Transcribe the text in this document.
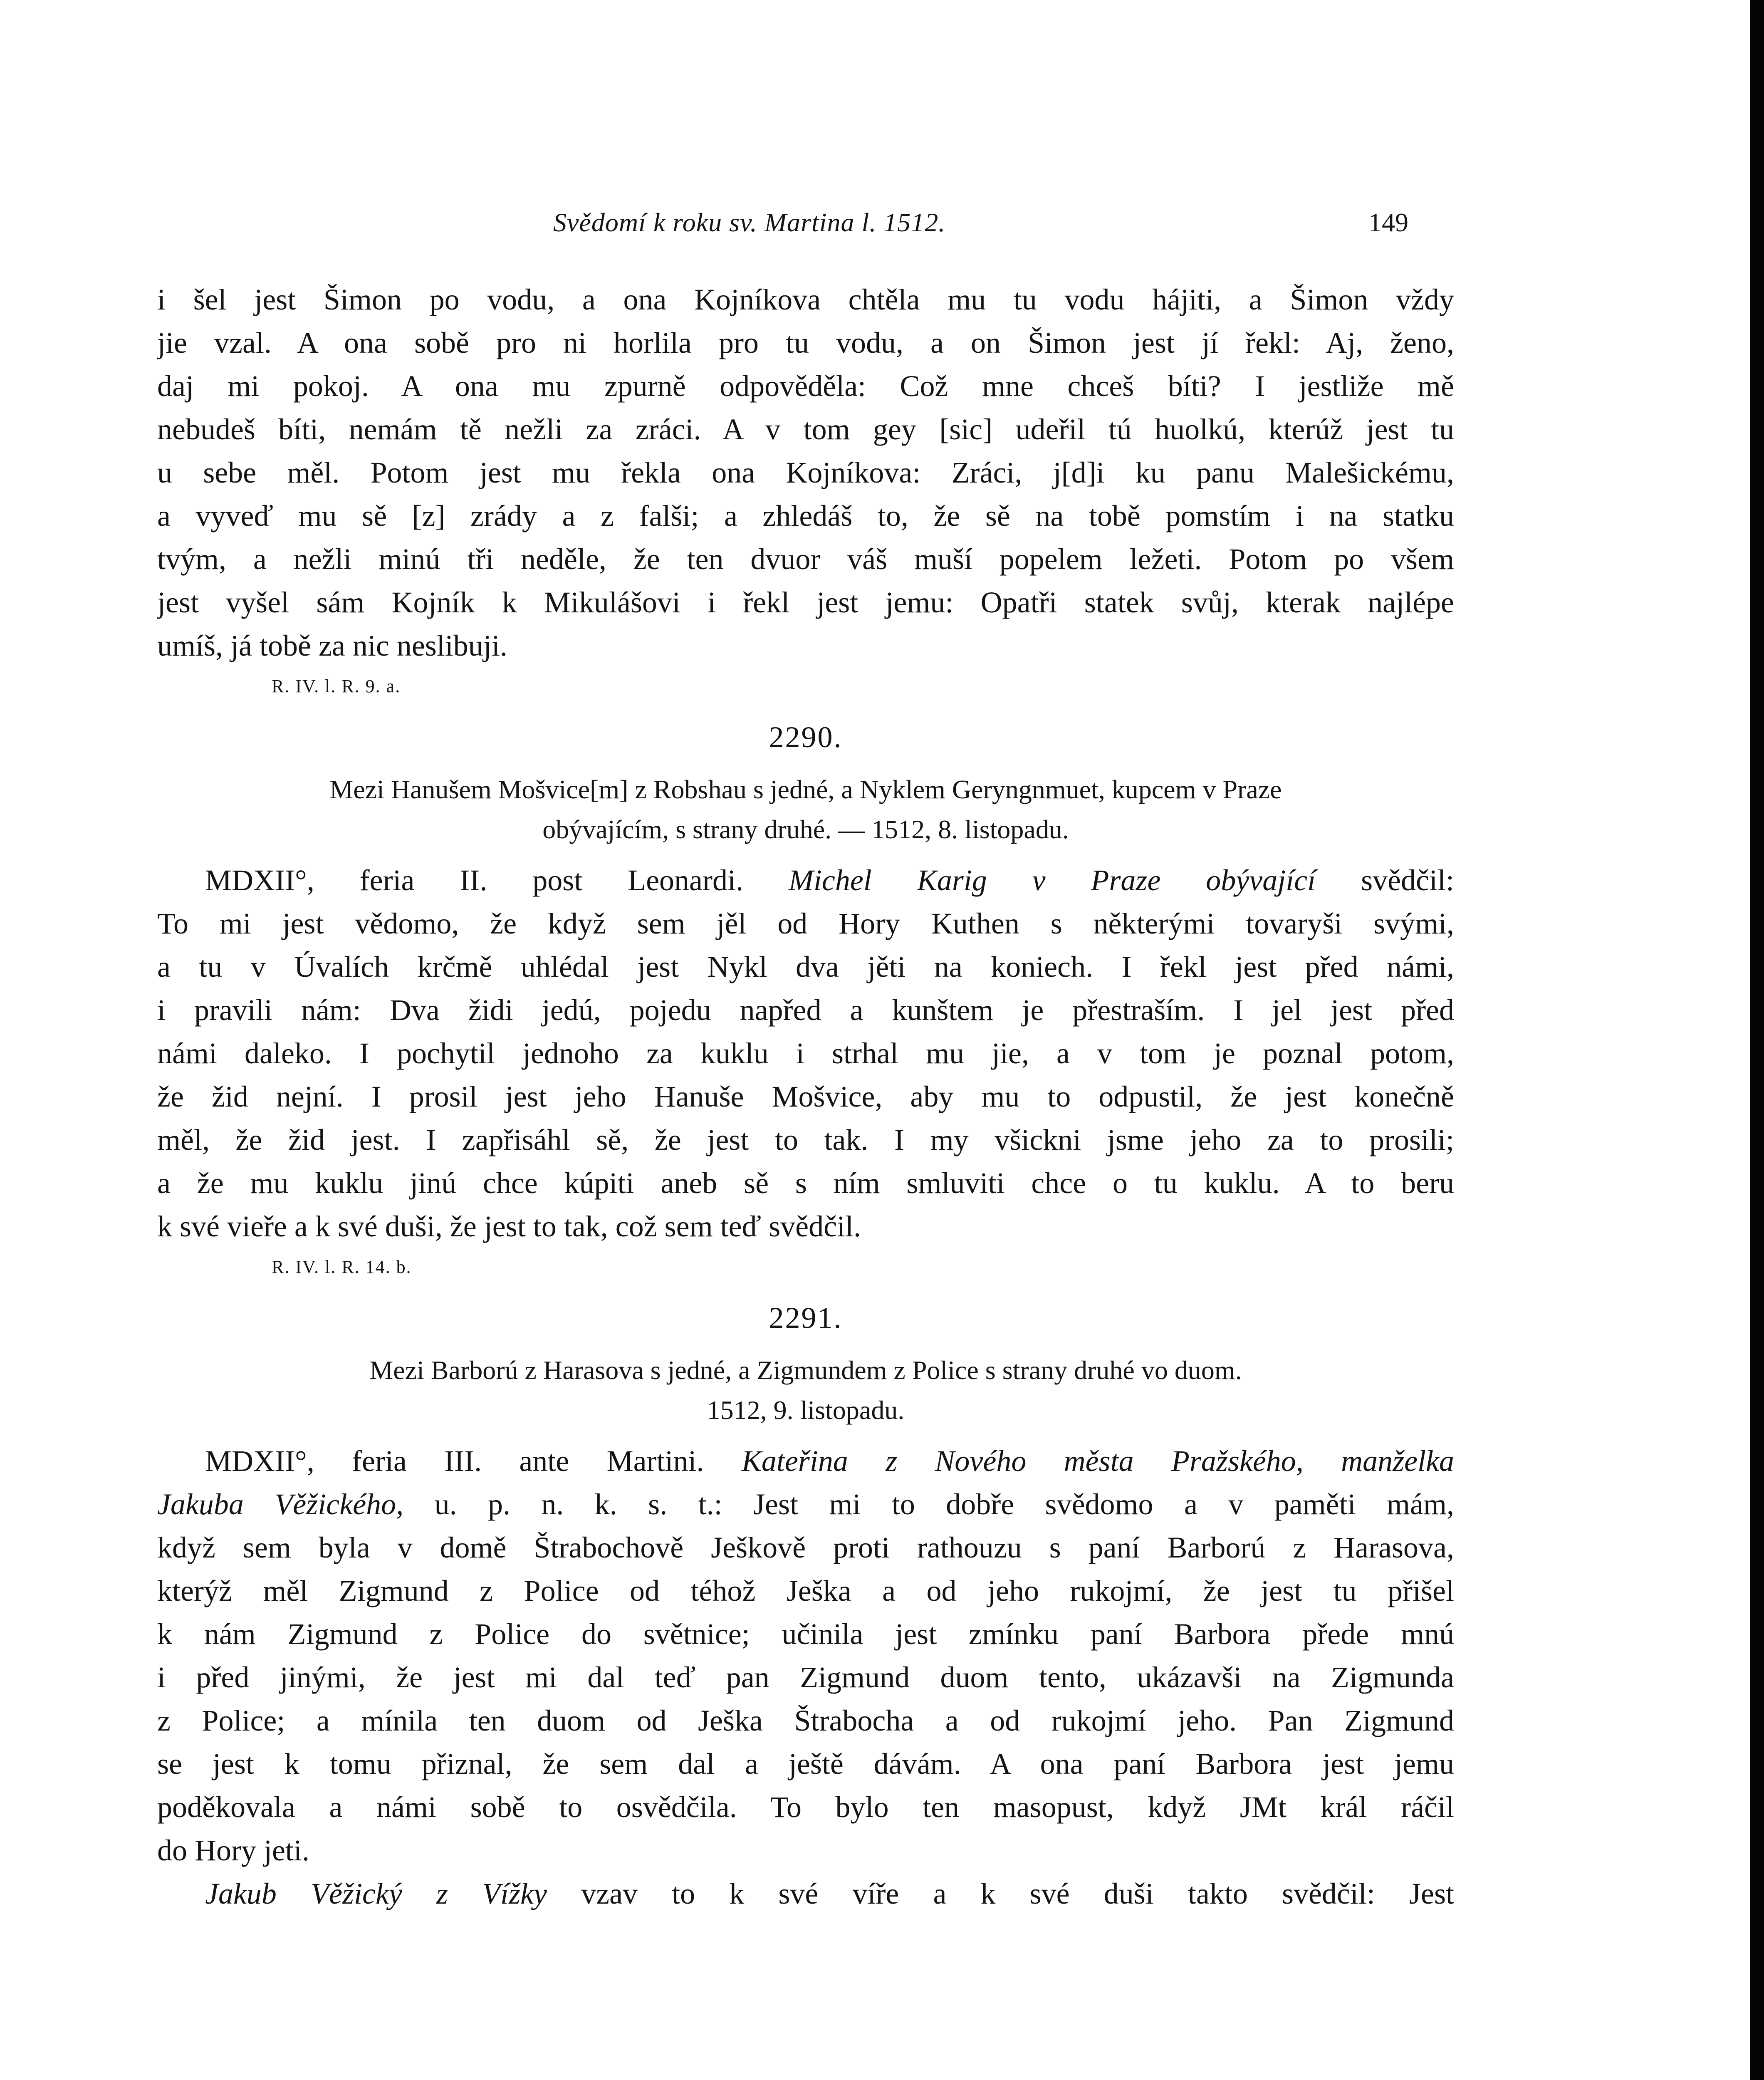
Svědomí k roku sv. Martina l. 1512.	149
i šel jest Šimon po vodu, a ona Kojníkova chtěla mu tu vodu hájiti, a Šimon vždy
jie vzal. A ona sobě pro ni horlila pro tu vodu, a on Šimon jest jí řekl: Aj, ženo,
daj mi pokoj. A ona mu zpurně odpověděla: Což mne chceš bíti? I jestliže mě
nebudeš bíti, nemám tě nežli za zráci. A v tom gey [sic] udeřil tú huolkú, kterúž jest tu
u sebe měl. Potom jest mu řekla ona Kojníkova: Zráci, j[d]i ku panu Malešickému,
a vyveď mu sě [z] zrády a z falši; a zhledáš to, že sě na tobě pomstím i na statku
tvým, a nežli minú tři neděle, že ten dvuor váš muší popelem ležeti. Potom po všem
jest vyšel sám Kojník k Mikulášovi i řekl jest jemu: Opatři statek svůj, kterak najlépe
umíš, já tobě za nic neslibuji.
R. IV. l. R. 9. a.
2290.
Mezi Hanušem Mošvice[m] z Robshau s jedné, a Nyklem Geryngnmuet, kupcem v Praze
obývajícím, s strany druhé. — 1512, 8. listopadu.
MDXII°, feria II. post Leonardi. Michel Karig v Praze obývající svědčil:
To mi jest vědomo, že když sem jěl od Hory Kuthen s některými tovaryši svými,
a tu v Úvalích krčmě uhlédal jest Nykl dva jěti na koniech. I řekl jest před námi,
i pravili nám: Dva židi jedú, pojedu napřed a kunštem je přestraším. I jel jest před
námi daleko. I pochytil jednoho za kuklu i strhal mu jie, a v tom je poznal potom,
že žid nejní. I prosil jest jeho Hanuše Mošvice, aby mu to odpustil, že jest konečně
měl, že žid jest. I zapřisáhl sě, že jest to tak. I my všickni jsme jeho za to prosili;
a že mu kuklu jinú chce kúpiti aneb sě s ním smluviti chce o tu kuklu. A to beru
k své vieře a k své duši, že jest to tak, což sem teď svědčil.
R. IV. l. R. 14. b.
2291.
Mezi Barború z Harasova s jedné, a Zigmundem z Police s strany druhé vo duom.
1512, 9. listopadu.
MDXII°, feria III. ante Martini. Kateřina z Nového města Pražského, manželka
Jakuba Věžického, u. p. n. k. s. t.: Jest mi to dobře svědomo a v paměti mám,
když sem byla v domě Štrabochově Ješkově proti rathouzu s paní Barború z Harasova,
kterýž měl Zigmund z Police od téhož Ješka a od jeho rukojmí, že jest tu přišel
k nám Zigmund z Police do světnice; učinila jest zmínku paní Barbora přede mnú
i před jinými, že jest mi dal teď pan Zigmund duom tento, ukázavši na Zigmunda
z Police; a mínila ten duom od Ješka Štrabocha a od rukojmí jeho. Pan Zigmund
se jest k tomu přiznal, že sem dal a ještě dávám. A ona paní Barbora jest jemu
poděkovala a námi sobě to osvědčila. To bylo ten masopust, když JMt král ráčil
do Hory jeti.
Jakub Věžický z Vížky vzav to k své víře a k své duši takto svědčil: Jest
